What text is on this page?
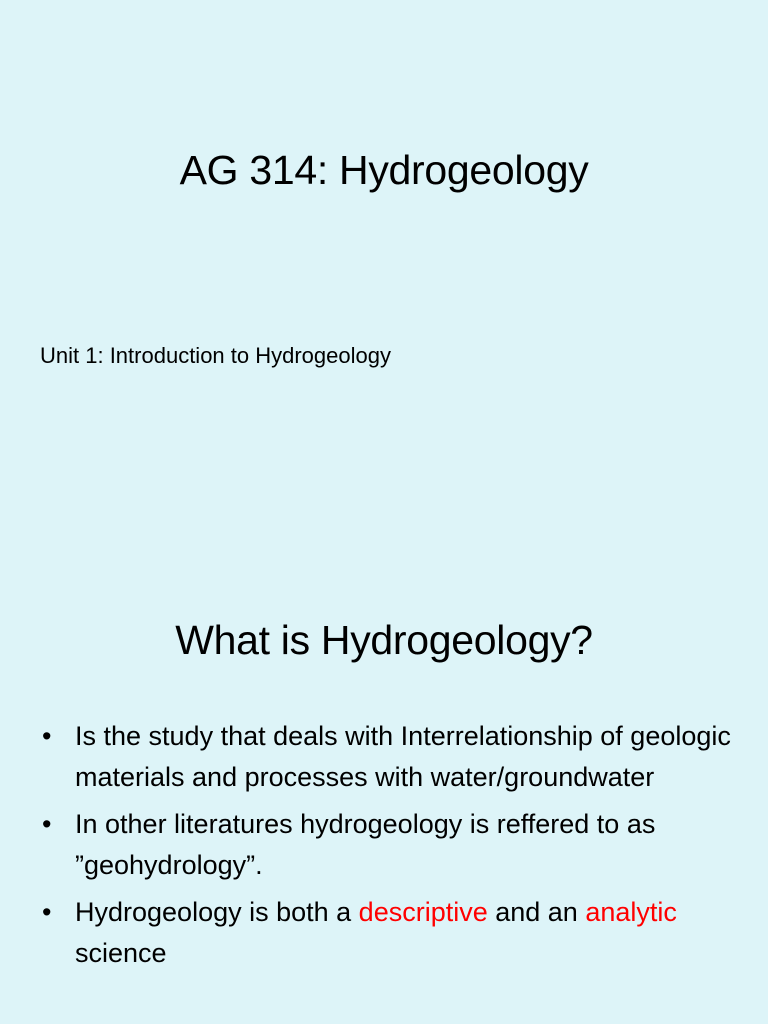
AG 314: Hydrogeology
Unit 1: Introduction to Hydrogeology
What is Hydrogeology?
• Is the study that deals with Interrelationship of geologic materials and processes with water/groundwater
• In other literatures hydrogeology is reffered to as ”geohydrology”.
• Hydrogeology is both a descriptive and an analytic science
